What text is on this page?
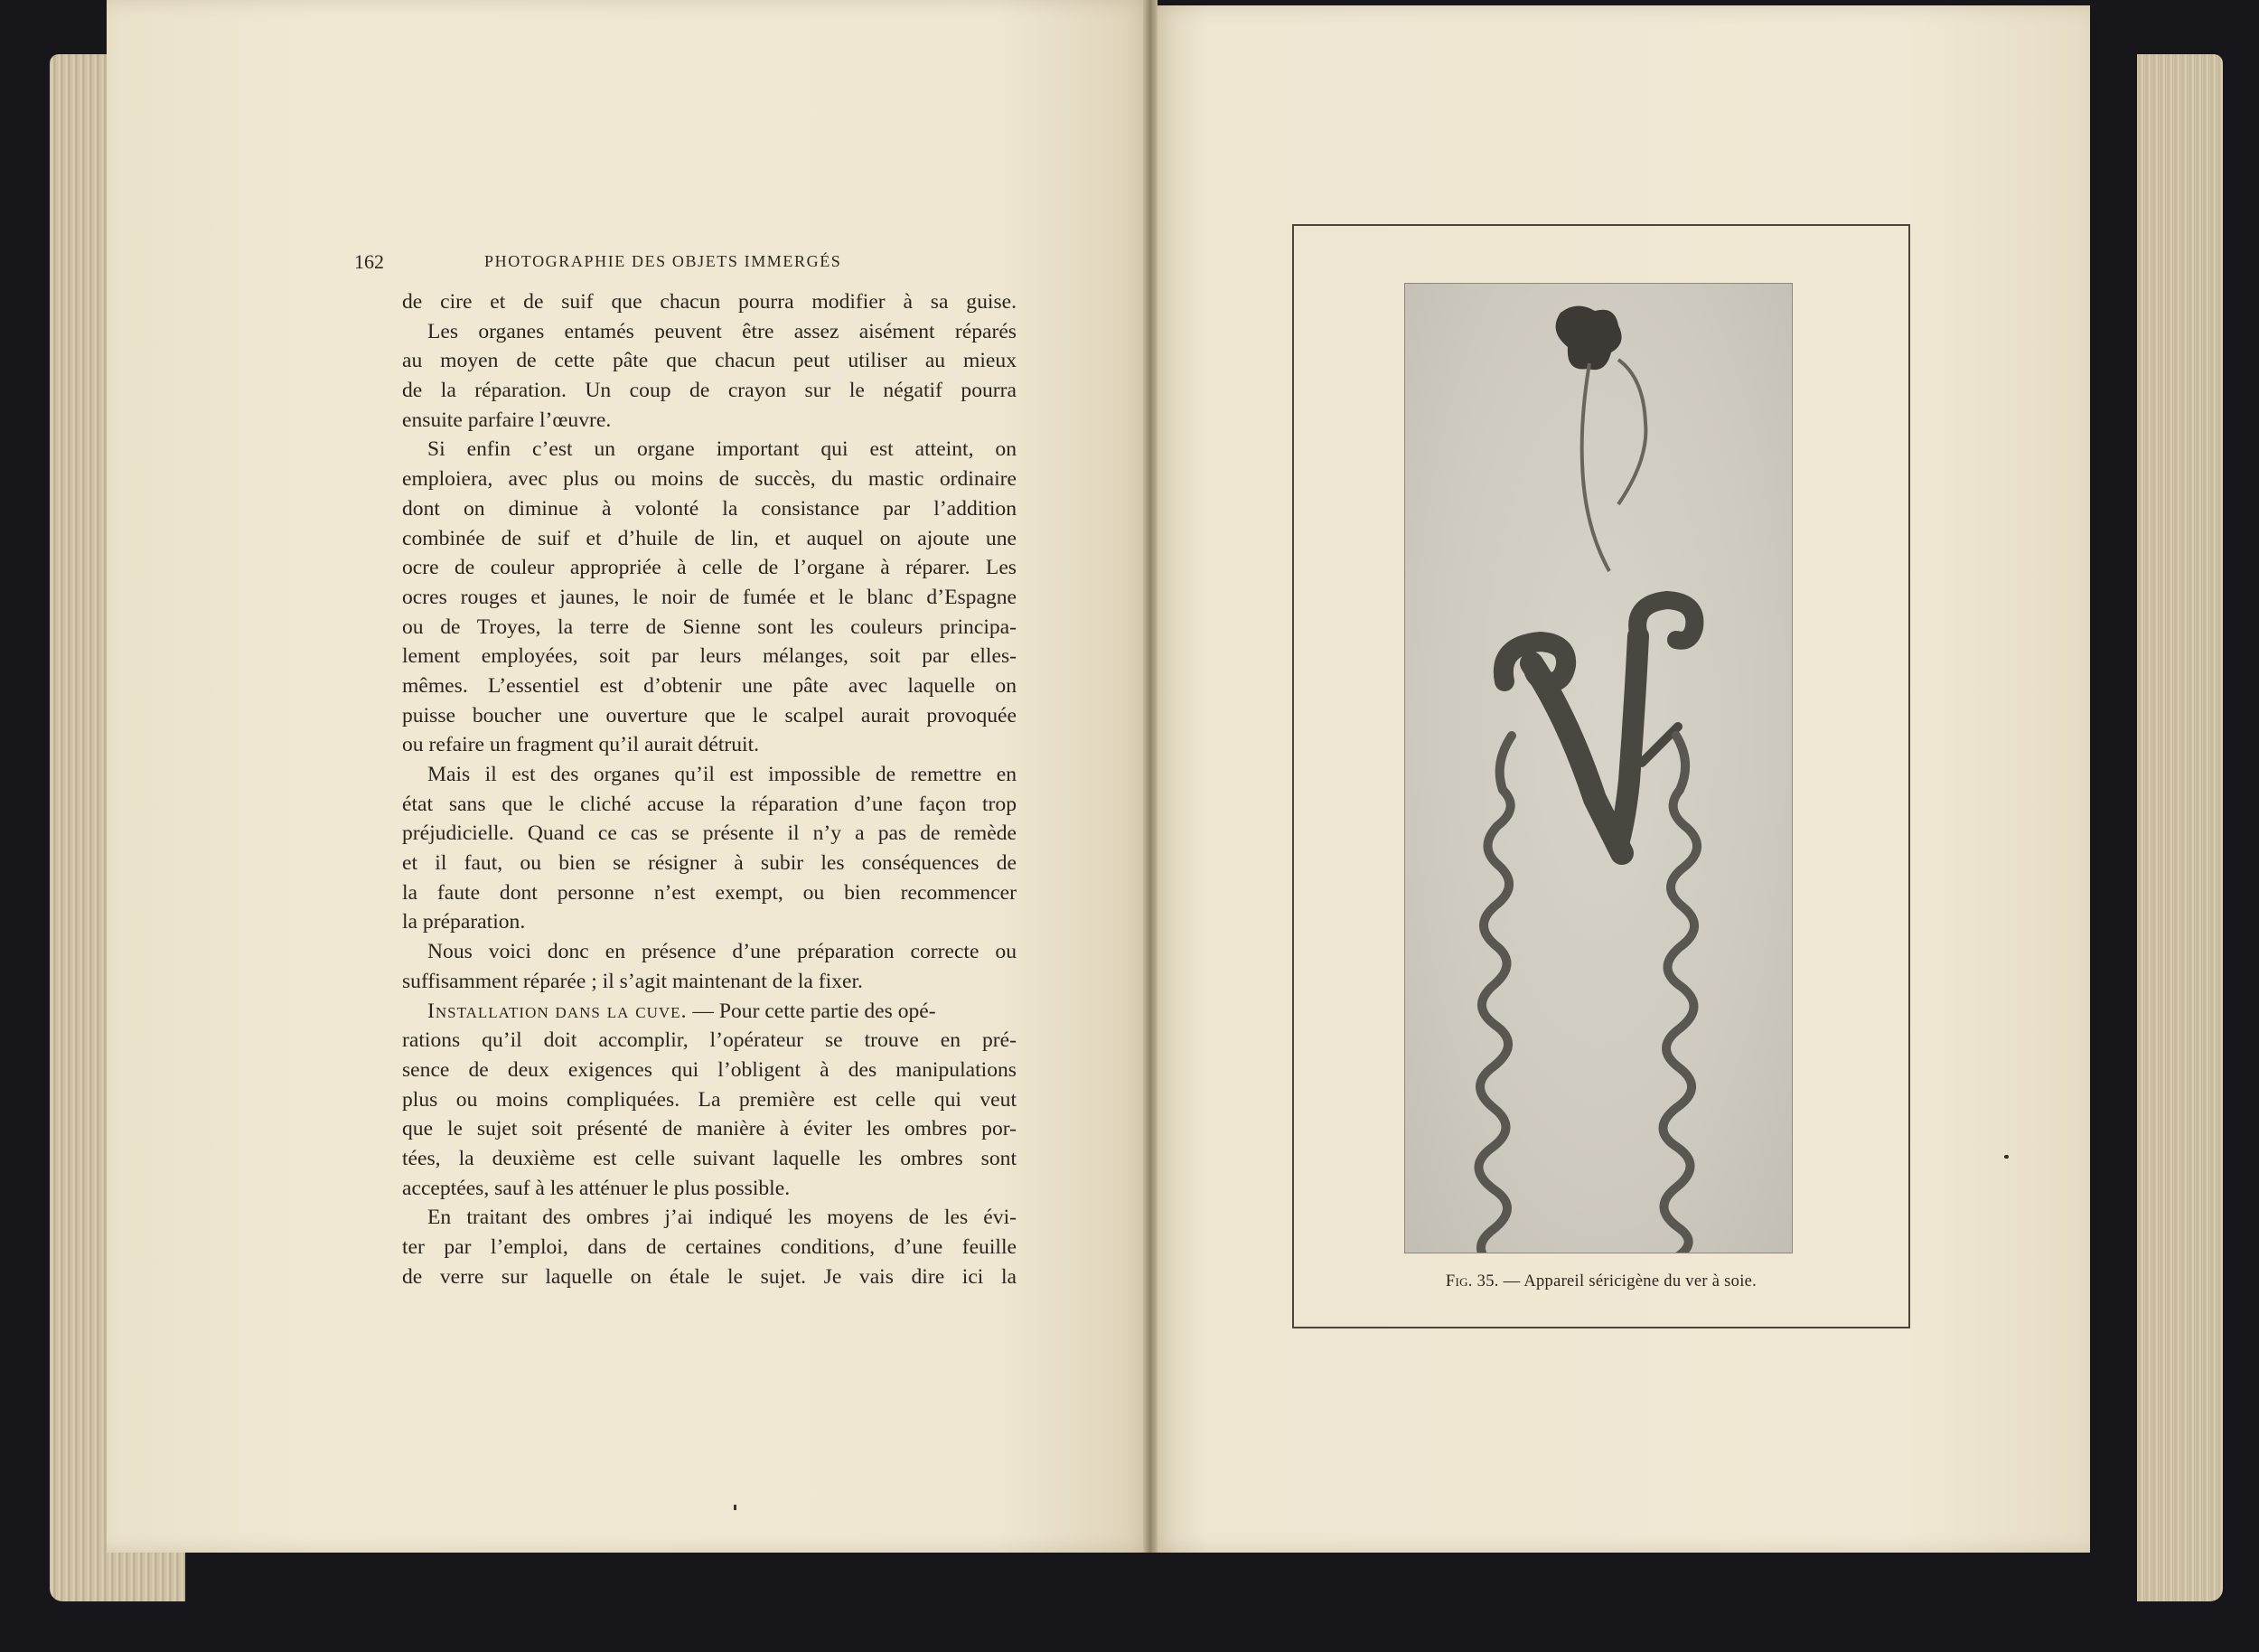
162	PHOTOGRAPHIE DES OBJETS IMMERGÉS
de cire et de suif que chacun pourra modifier à sa guise.
Les organes entamés peuvent être assez aisément réparés
au moyen de cette pâte que chacun peut utiliser au mieux
de la réparation. Un coup de crayon sur le négatif pourra
ensuite parfaire l’œuvre.
Si enfin c’est un organe important qui est atteint, on
emploiera, avec plus ou moins de succès, du mastic ordinaire
dont on diminue à volonté la consistance par l’addition
combinée de suif et d’huile de lin, et auquel on ajoute une
ocre de couleur appropriée à celle de l’organe à réparer. Les
ocres rouges et jaunes, le noir de fumée et le blanc d’Espagne
ou de Troyes, la terre de Sienne sont les couleurs principa-
lement employées, soit par leurs mélanges, soit par elles-
mêmes. L’essentiel est d’obtenir une pâte avec laquelle on
puisse boucher une ouverture que le scalpel aurait provoquée
ou refaire un fragment qu’il aurait détruit.
Mais il est des organes qu’il est impossible de remettre en
état sans que le cliché accuse la réparation d’une façon trop
préjudicielle. Quand ce cas se présente il n’y a pas de remède
et il faut, ou bien se résigner à subir les conséquences de
la faute dont personne n’est exempt, ou bien recommencer
la préparation.
Nous voici donc en présence d’une préparation correcte ou
suffisamment réparée ; il s’agit maintenant de la fixer.
Installation dans la cuve. — Pour cette partie des opé-
rations qu’il doit accomplir, l’opérateur se trouve en pré-
sence de deux exigences qui l’obligent à des manipulations
plus ou moins compliquées. La première est celle qui veut
que le sujet soit présenté de manière à éviter les ombres por-
tées, la deuxième est celle suivant laquelle les ombres sont
acceptées, sauf à les atténuer le plus possible.
En traitant des ombres j’ai indiqué les moyens de les évi-
ter par l’emploi, dans de certaines conditions, d’une feuille
de verre sur laquelle on étale le sujet. Je vais dire ici la	Fig. 35. — Appareil séricigène du ver à soie.
